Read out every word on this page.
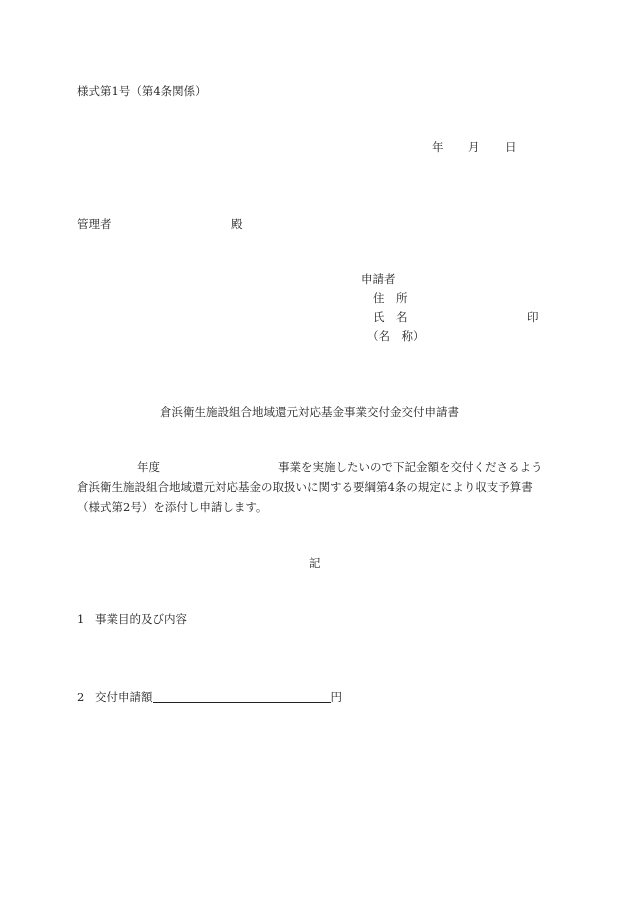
様式第1号（第4条関係）
年 月 日
管理者	殿
申請者
住　所
氏　名	印
（名　称）
倉浜衛生施設組合地域還元対応基金事業交付金交付申請書
年度	事業を実施したいので下記金額を交付くださるよう
倉浜衛生施設組合地域還元対応基金の取扱いに関する要綱第4条の規定により収支予算書
（様式第2号）を添付し申請します。
記
1 事業目的及び内容
2 交付申請額	円
